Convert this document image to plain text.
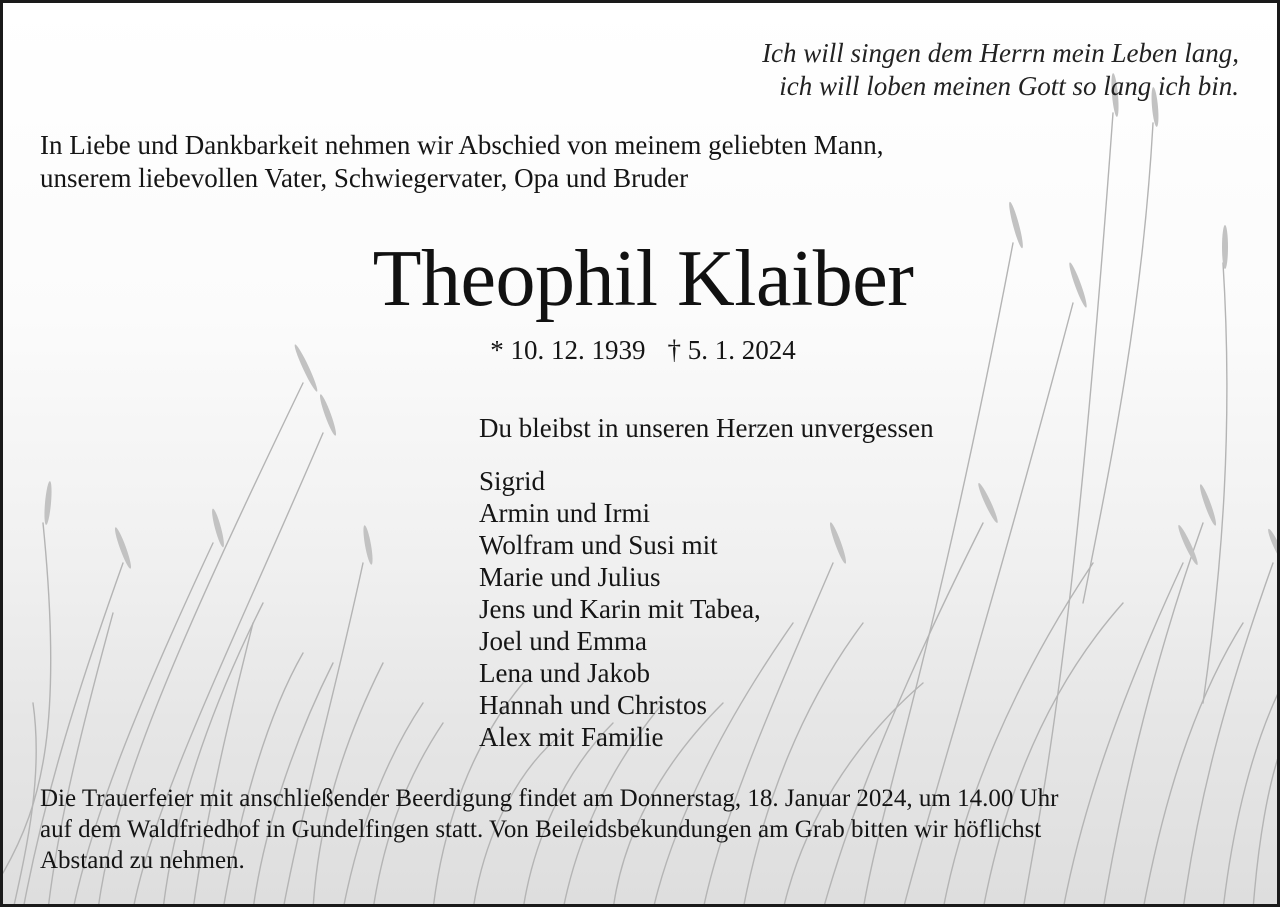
Ich will singen dem Herrn mein Leben lang,
ich will loben meinen Gott so lang ich bin.
In Liebe und Dankbarkeit nehmen wir Abschied von meinem geliebten Mann,
unserem liebevollen Vater, Schwiegervater, Opa und Bruder
Theophil Klaiber
* 10. 12. 1939 † 5. 1. 2024
Du bleibst in unseren Herzen unvergessen
Sigrid
Armin und Irmi
Wolfram und Susi mit
Marie und Julius
Jens und Karin mit Tabea,
Joel und Emma
Lena und Jakob
Hannah und Christos
Alex mit Familie
Die Trauerfeier mit anschließender Beerdigung findet am Donnerstag, 18. Januar 2024, um 14.00 Uhr
auf dem Waldfriedhof in Gundelfingen statt. Von Beileidsbekundungen am Grab bitten wir höflichst
Abstand zu nehmen.
